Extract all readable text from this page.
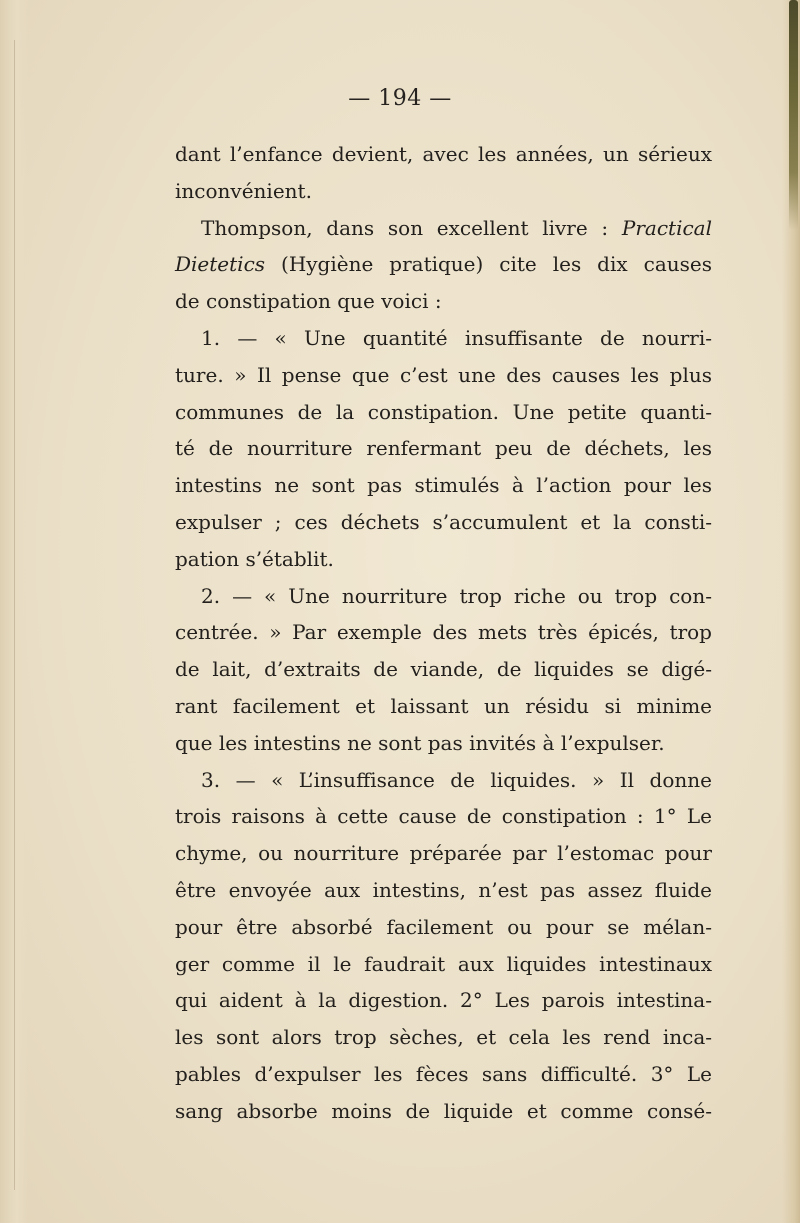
— 194 —
dant l’enfance devient, avec les années, un sérieux
inconvénient.
Thompson, dans son excellent livre : Practical
Dietetics (Hygiène pratique) cite les dix causes
de constipation que voici :
1. — « Une quantité insuffisante de nourri-
ture. » Il pense que c’est une des causes les plus
communes de la constipation. Une petite quanti-
té de nourriture renfermant peu de déchets, les
intestins ne sont pas stimulés à l’action pour les
expulser ; ces déchets s’accumulent et la consti-
pation s’établit.
2. — « Une nourriture trop riche ou trop con-
centrée. » Par exemple des mets très épicés, trop
de lait, d’extraits de viande, de liquides se digé-
rant facilement et laissant un résidu si minime
que les intestins ne sont pas invités à l’expulser.
3. — « L’insuffisance de liquides. » Il donne
trois raisons à cette cause de constipation : 1° Le
chyme, ou nourriture préparée par l’estomac pour
être envoyée aux intestins, n’est pas assez fluide
pour être absorbé facilement ou pour se mélan-
ger comme il le faudrait aux liquides intestinaux
qui aident à la digestion. 2° Les parois intestina-
les sont alors trop sèches, et cela les rend inca-
pables d’expulser les fèces sans difficulté. 3° Le
sang absorbe moins de liquide et comme consé-
